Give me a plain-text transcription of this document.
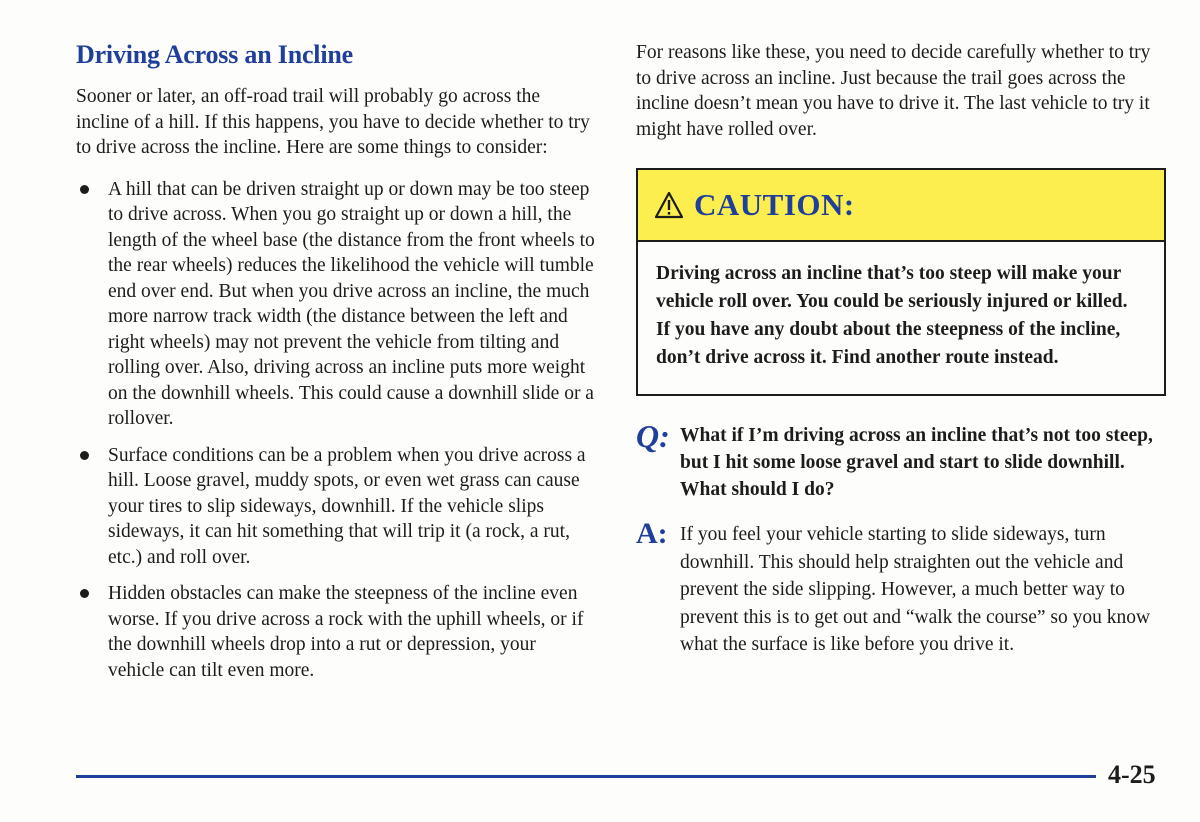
Driving Across an Incline

Sooner or later, an off-road trail will probably go across the incline of a hill. If this happens, you have to decide whether to try to drive across the incline. Here are some things to consider:

A hill that can be driven straight up or down may be too steep to drive across. When you go straight up or down a hill, the length of the wheel base (the distance from the front wheels to the rear wheels) reduces the likelihood the vehicle will tumble end over end. But when you drive across an incline, the much more narrow track width (the distance between the left and right wheels) may not prevent the vehicle from tilting and rolling over. Also, driving across an incline puts more weight on the downhill wheels. This could cause a downhill slide or a rollover.
Surface conditions can be a problem when you drive across a hill. Loose gravel, muddy spots, or even wet grass can cause your tires to slip sideways, downhill. If the vehicle slips sideways, it can hit something that will trip it (a rock, a rut, etc.) and roll over.
Hidden obstacles can make the steepness of the incline even worse. If you drive across a rock with the uphill wheels, or if the downhill wheels drop into a rut or depression, your vehicle can tilt even more.

For reasons like these, you need to decide carefully whether to try to drive across an incline. Just because the trail goes across the incline doesn’t mean you have to drive it. The last vehicle to try it might have rolled over.

CAUTION:
Driving across an incline that’s too steep will make your vehicle roll over. You could be seriously injured or killed. If you have any doubt about the steepness of the incline, don’t drive across it. Find another route instead.
Q: What if I’m driving across an incline that’s not too steep, but I hit some loose gravel and start to slide downhill. What should I do?
A: If you feel your vehicle starting to slide sideways, turn downhill. This should help straighten out the vehicle and prevent the side slipping. However, a much better way to prevent this is to get out and “walk the course” so you know what the surface is like before you drive it.
4-25
